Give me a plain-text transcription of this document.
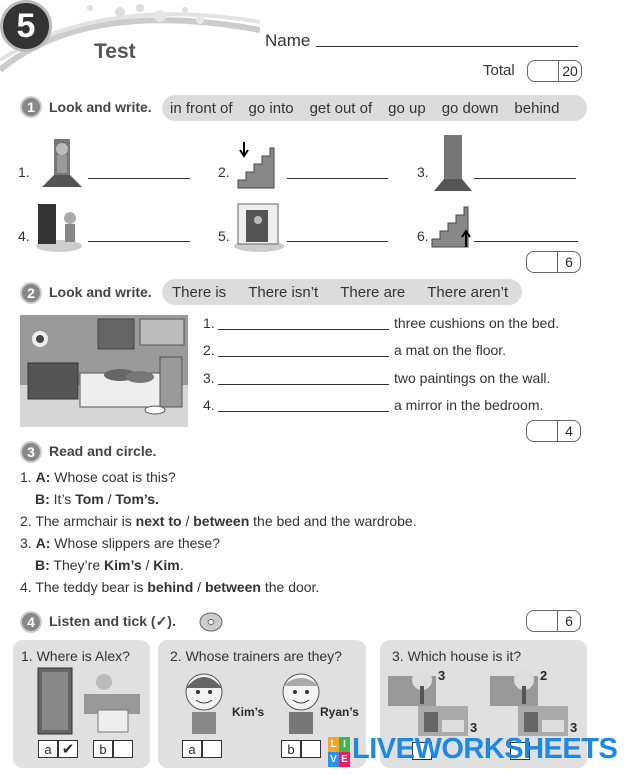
5
Test	Name
Total	20
1	Look and write. in front of go into get out of go up go down behind
1.	2.	3.
4.	5.	6.
6
2	Look and write. There is There isn’t There are There aren’t
1.	three cushions on the bed.
2.	a mat on the floor.
3.	two paintings on the wall.
4.	a mirror in the bedroom.
4
3	Read and circle.
1. A: Whose coat is this?
B: It’s Tom / Tom’s.
2. The armchair is next to / between the bed and the wardrobe.
3. A: Whose slippers are these?
B: They’re Kim’s / Kim.
4. The teddy bear is behind / between the door.
4	Listen and tick (✓).	6
1. Where is Alex?
a ✔	b
2. Whose trainers are they?
Kim’s	Ryan’s
a	b
3. Which house is it?
3	2
3	3
L I
V E LIVEWORKSHEETS
